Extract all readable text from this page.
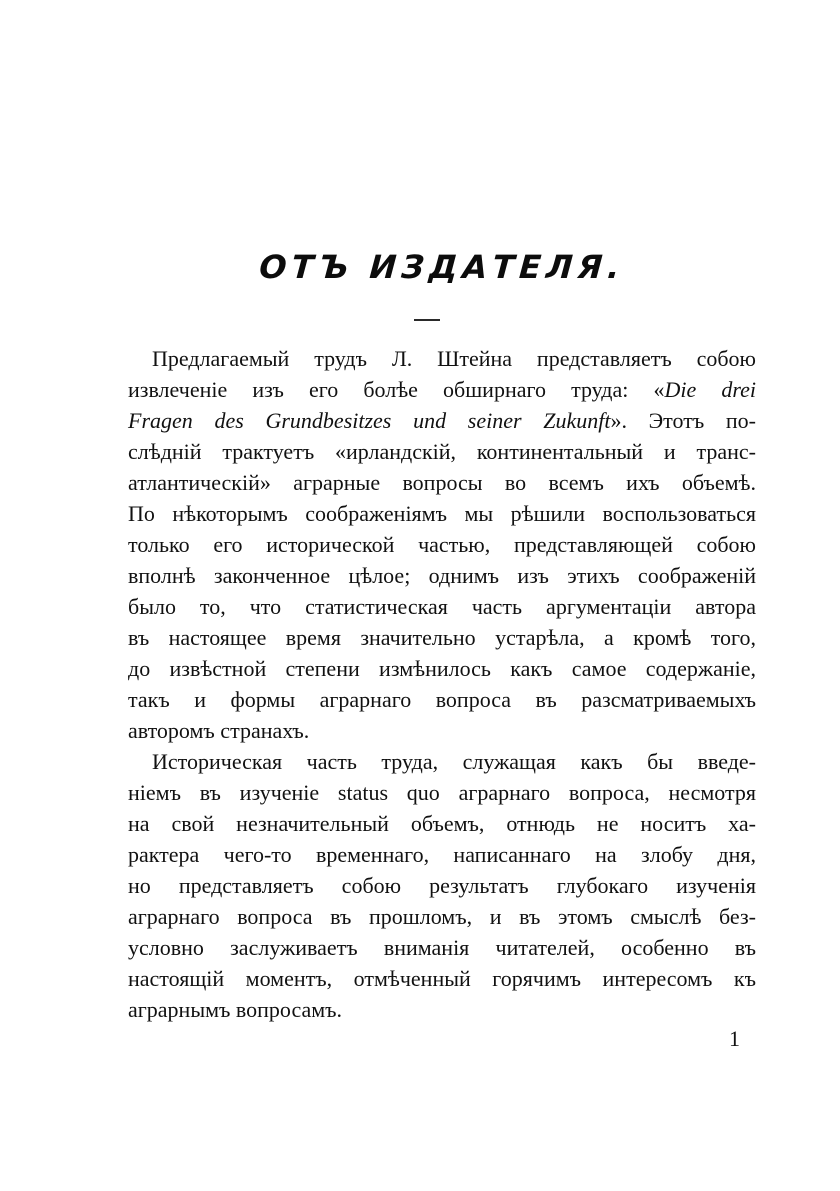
ОТЪ ИЗДАТЕЛЯ.
Предлагаемый трудъ Л. Штейна представляетъ собою
извлеченіе изъ его болѣе обширнаго труда: «Die drei
Fragen des Grundbesitzes und seiner Zukunft». Этотъ по-
слѣдній трактуетъ «ирландскій, континентальный и транс-
атлантическій» аграрные вопросы во всемъ ихъ объемѣ.
По нѣкоторымъ соображеніямъ мы рѣшили воспользоваться
только его исторической частью, представляющей собою
вполнѣ законченное цѣлое; однимъ изъ этихъ соображеній
было то, что статистическая часть аргументаціи автора
въ настоящее время значительно устарѣла, а кромѣ того,
до извѣстной степени измѣнилось какъ самое содержаніе,
такъ и формы аграрнаго вопроса въ разсматриваемыхъ
авторомъ странахъ.
Историческая часть труда, служащая какъ бы введе-
ніемъ въ изученіе status quo аграрнаго вопроса, несмотря
на свой незначительный объемъ, отнюдь не носитъ ха-
рактера чего-то временнаго, написаннаго на злобу дня,
но представляетъ собою результатъ глубокаго изученія
аграрнаго вопроса въ прошломъ, и въ этомъ смыслѣ без-
условно заслуживаетъ вниманія читателей, особенно въ
настоящій моментъ, отмѣченный горячимъ интересомъ къ
аграрнымъ вопросамъ.
1
